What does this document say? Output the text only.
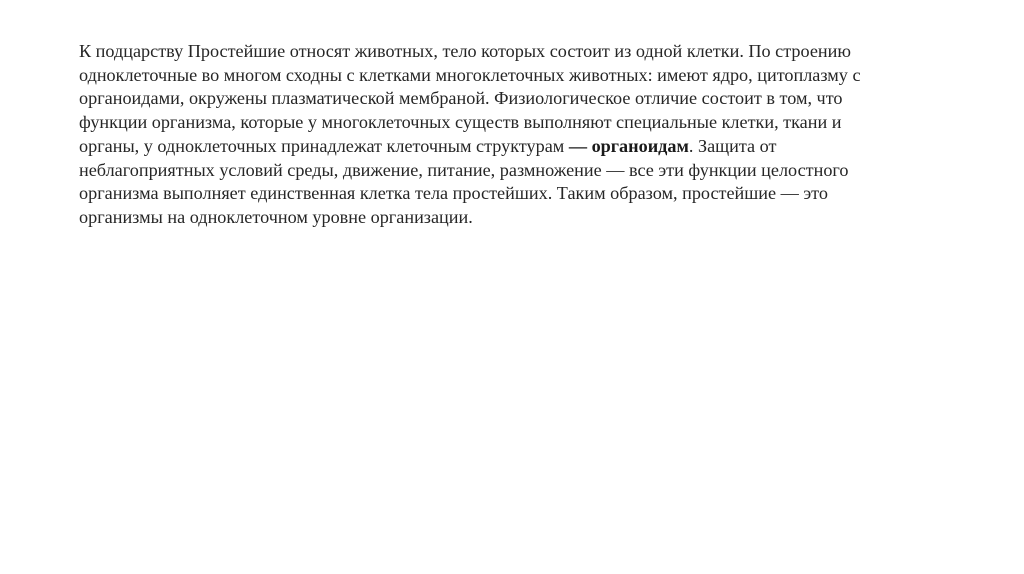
К подцарству Простейшие относят животных, тело которых состоит из одной клетки. По строению
одноклеточные во многом сходны с клетками многоклеточных животных: имеют ядро, цитоплазму с
органоидами, окружены плазматической мембраной. Физиологическое отличие состоит в том, что
функции организма, которые у многоклеточных существ выполняют специальные клетки, ткани и
органы, у одноклеточных принадлежат клеточным структурам — органоидам. Защита от
неблагоприятных условий среды, движение, питание, размножение — все эти функции целостного
организма выполняет единственная клетка тела простейших. Таким образом, простейшие — это
организмы на одноклеточном уровне организации.
